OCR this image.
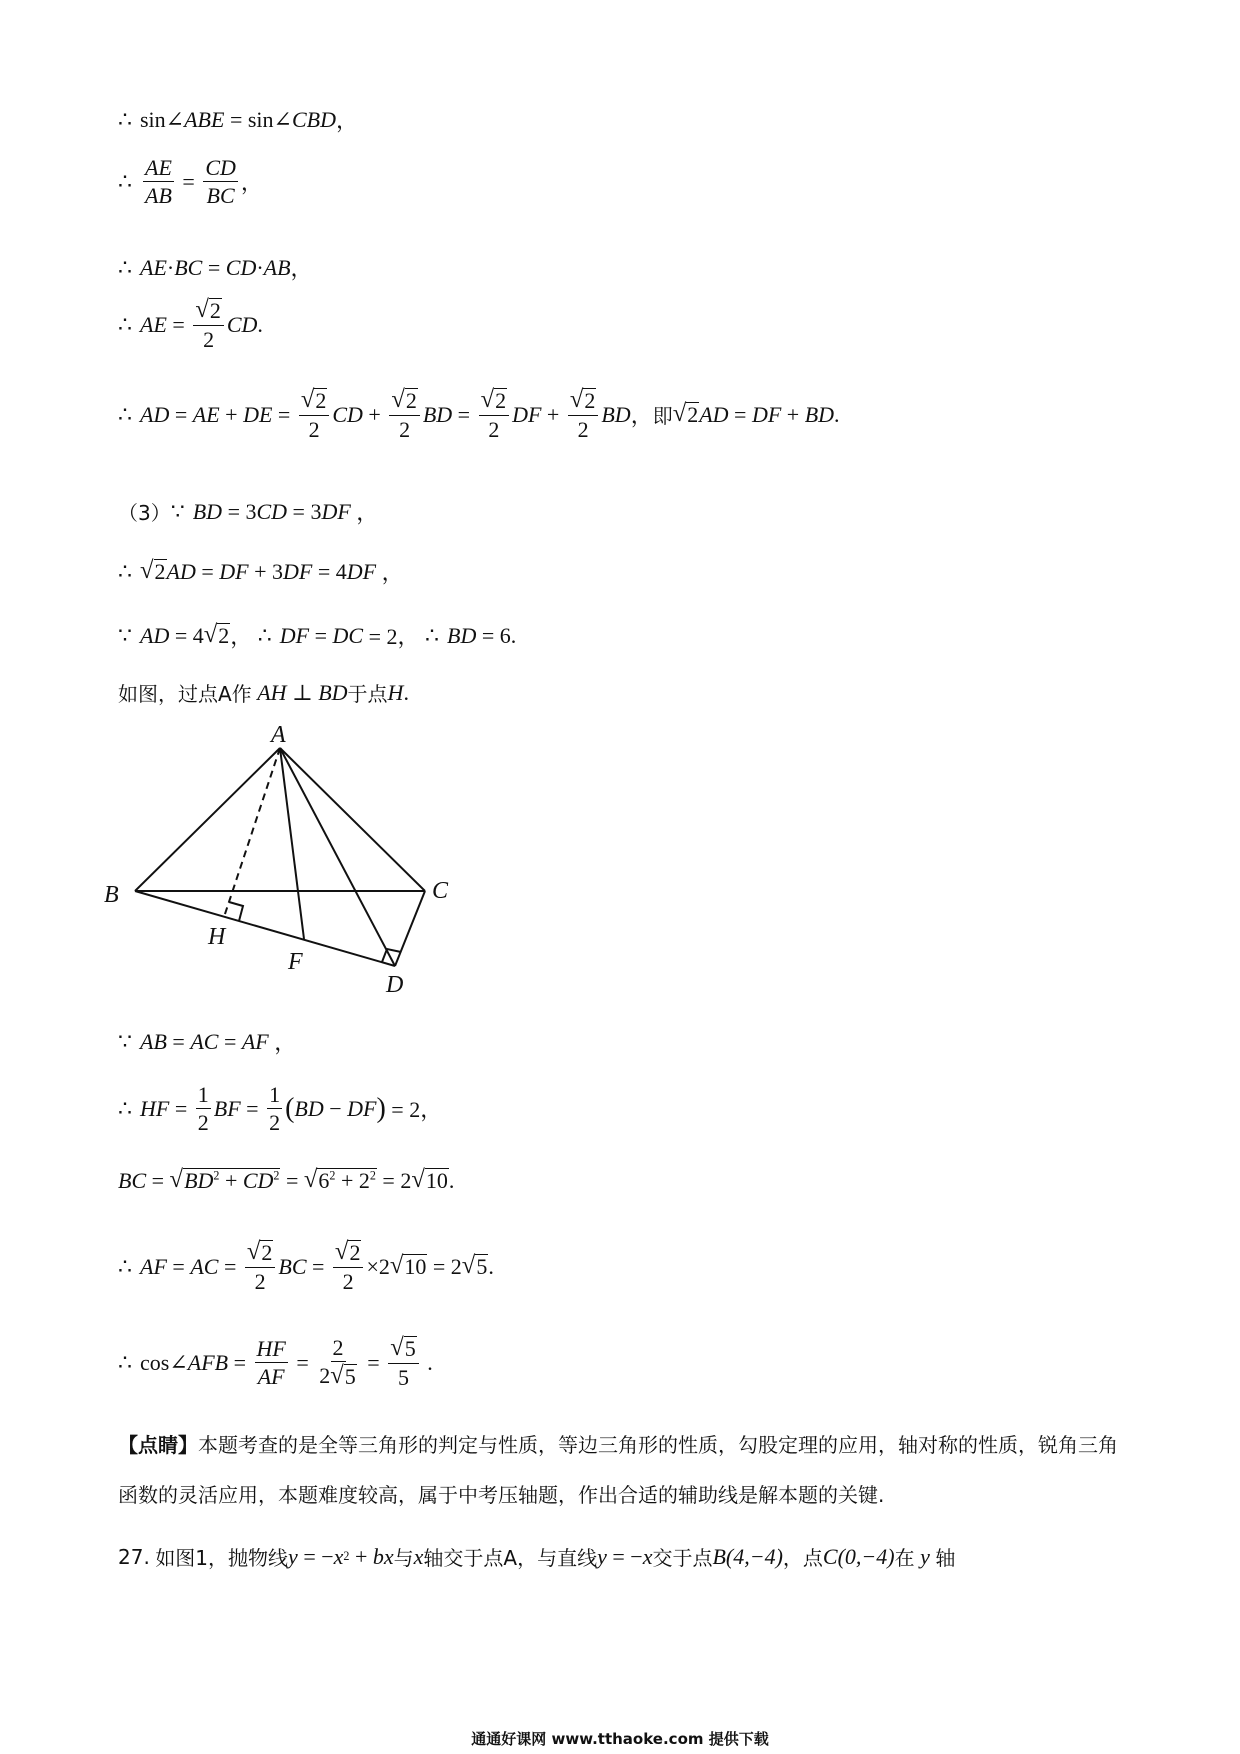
∴ sin∠ ABE = sin∠ CBD ，
∴ $\frac{AE}{AB} = \frac{CD}{BC}$ ，
∴ AE · BC = CD · AB ，
∴ AE = $\frac{√ 2}{2}$ CD .
∴ AD = AE + DE = $\frac{√ 2}{2}$ CD + $\frac{√ 2}{2}$ BD = $\frac{√ 2}{2}$ DF + $\frac{√ 2}{2}$ BD ， 即 √ 2 AD = DF + BD .
（3） ∵ BD = 3 CD = 3 DF ，
∴ √ 2 AD = DF + 3 DF = 4 DF ，
∵ AD = 4 √ 2 ， ∴ DF = DC = 2， ∴ BD = 6.
如图，过点A作
AH ⊥ BD 于点 H .
A
B	C
H
F
D
∵ AB = AC = AF ，
∴ HF = $\frac{1}{2}$ BF = $\frac{1}{2}$ ( BD − DF ) = 2，
BC = √ $BD^2 + CD^2$ = √ $6^2 + 2^2 = 2$ √ 10 .
∴ AF = AC = $\frac{√ 2}{2}$ BC = $\frac{√ 2}{2} \times 2$ √ 10 = 2 √ 5 .
∴ cos∠ AFB = $\frac{HF}{AF} = \frac{2}{2 √ 5} = \frac{√ 5}{5}$ .
【点睛】本题考查的是全等三角形的判定与性质，等边三角形的性质，勾股定理的应用，轴对称的性质，锐角三角函数的灵活应用，本题难度较高，属于中考压轴题，作出合适的辅助线是解本题的关键.
27.
如图1，抛物线 y = − x 2 + bx 与 x 轴交于点A，与直线 y = − x 交于点 B(4,−4) ，点 C(0,−4) 在
y
轴
通通好课网 www.tthaoke.com 提供下载
